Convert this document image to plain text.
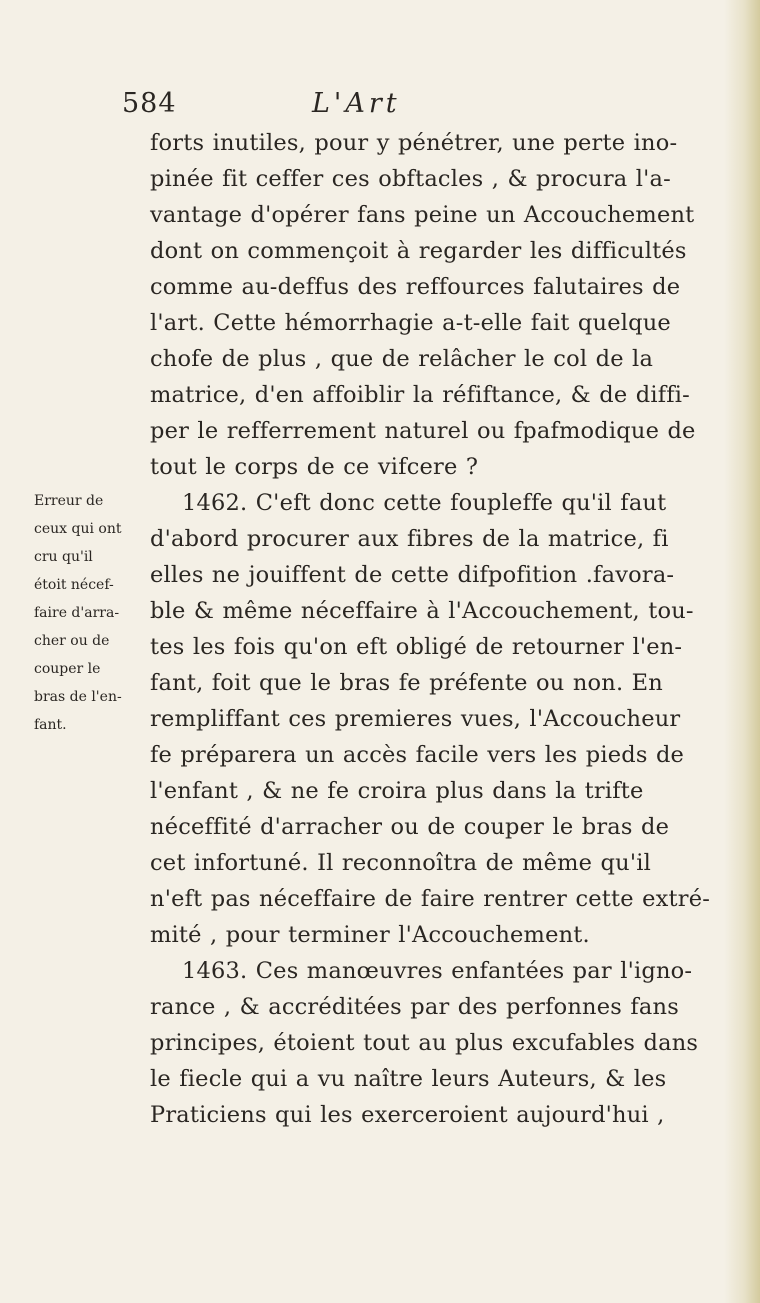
584	L'Art
Erreur de
ceux qui ont
cru qu'il
étoit nécef-
faire d'arra-
cher ou de
couper le
bras de l'en-
fant.
forts inutiles, pour y pénétrer, une perte ino-
pinée fit ceffer ces obftacles , & procura l'a-
vantage d'opérer fans peine un Accouchement
dont on commençoit à regarder les difficultés
comme au-deffus des reffources falutaires de
l'art. Cette hémorrhagie a-t-elle fait quelque
chofe de plus , que de relâcher le col de la
matrice, d'en affoiblir la réfiftance, & de diffi-
per le refferrement naturel ou fpafmodique de
tout le corps de ce vifcere ?
1462. C'eft donc cette foupleffe qu'il faut
d'abord procurer aux fibres de la matrice, fi
elles ne jouiffent de cette difpofition .favora-
ble & même néceffaire à l'Accouchement, tou-
tes les fois qu'on eft obligé de retourner l'en-
fant, foit que le bras fe préfente ou non. En
rempliffant ces premieres vues, l'Accoucheur
fe préparera un accès facile vers les pieds de
l'enfant , & ne fe croira plus dans la trifte
néceffité d'arracher ou de couper le bras de
cet infortuné. Il reconnoîtra de même qu'il
n'eft pas néceffaire de faire rentrer cette extré-
mité , pour terminer l'Accouchement.
1463. Ces manœuvres enfantées par l'igno-
rance , & accréditées par des perfonnes fans
principes, étoient tout au plus excufables dans
le fiecle qui a vu naître leurs Auteurs, & les
Praticiens qui les exerceroient aujourd'hui ,
